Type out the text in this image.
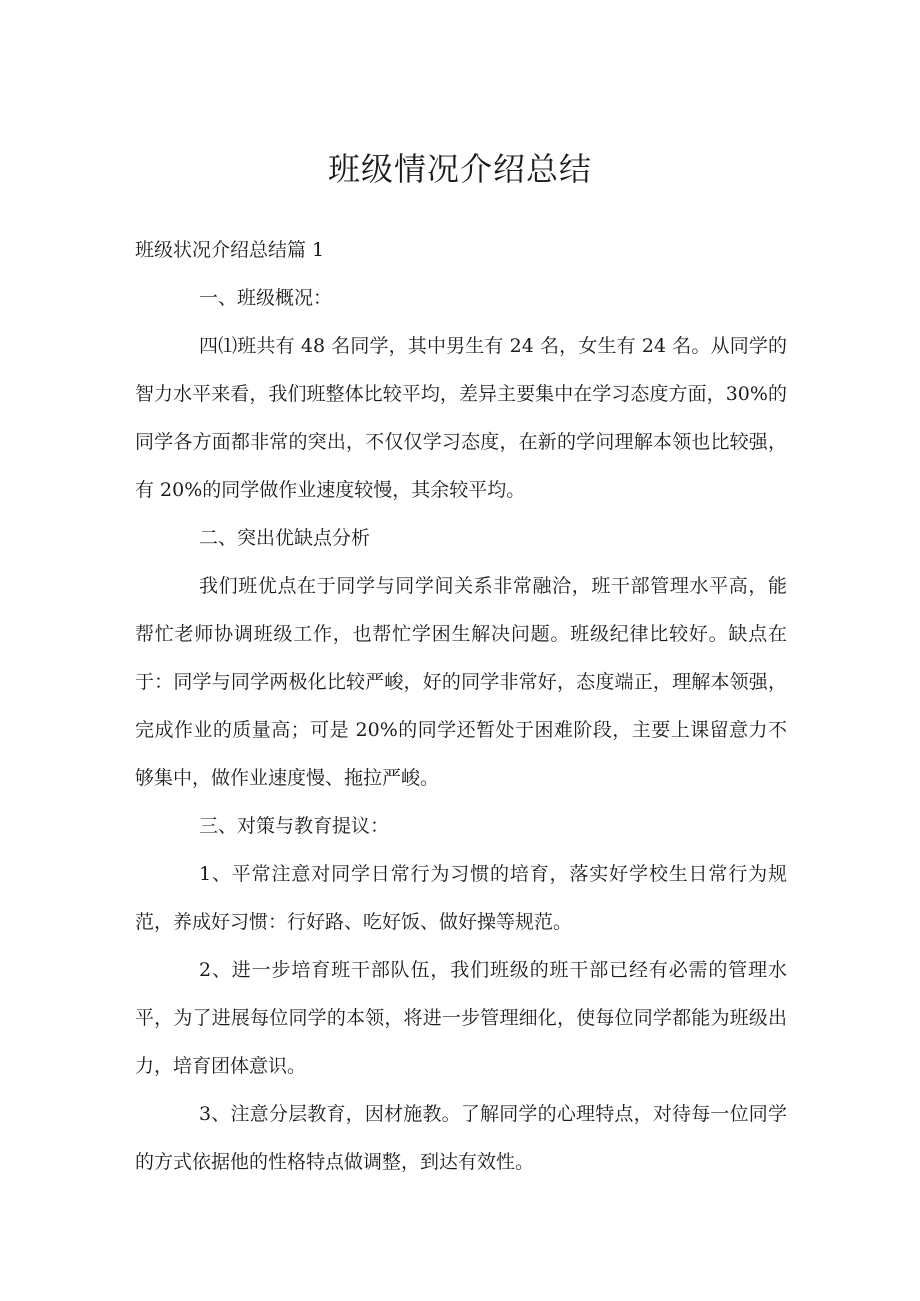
班级情况介绍总结

班级状况介绍总结篇 1

一、班级概况：

四⑴班共有 48 名同学，其中男生有 24 名，女生有 24 名。从同学的智力水平来看，我们班整体比较平均，差异主要集中在学习态度方面，30%的同学各方面都非常的突出，不仅仅学习态度，在新的学问理解本领也比较强，有 20%的同学做作业速度较慢，其余较平均。

二、突出优缺点分析

我们班优点在于同学与同学间关系非常融洽，班干部管理水平高，能帮忙老师协调班级工作，也帮忙学困生解决问题。班级纪律比较好。缺点在于：同学与同学两极化比较严峻，好的同学非常好，态度端正，理解本领强，完成作业的质量高；可是 20%的同学还暂处于困难阶段，主要上课留意力不够集中，做作业速度慢、拖拉严峻。

三、对策与教育提议：

1、平常注意对同学日常行为习惯的培育，落实好学校生日常行为规范，养成好习惯：行好路、吃好饭、做好操等规范。

2、进一步培育班干部队伍，我们班级的班干部已经有必需的管理水平，为了进展每位同学的本领，将进一步管理细化，使每位同学都能为班级出力，培育团体意识。

3、注意分层教育，因材施教。了解同学的心理特点，对待每一位同学的方式依据他的性格特点做调整，到达有效性。
